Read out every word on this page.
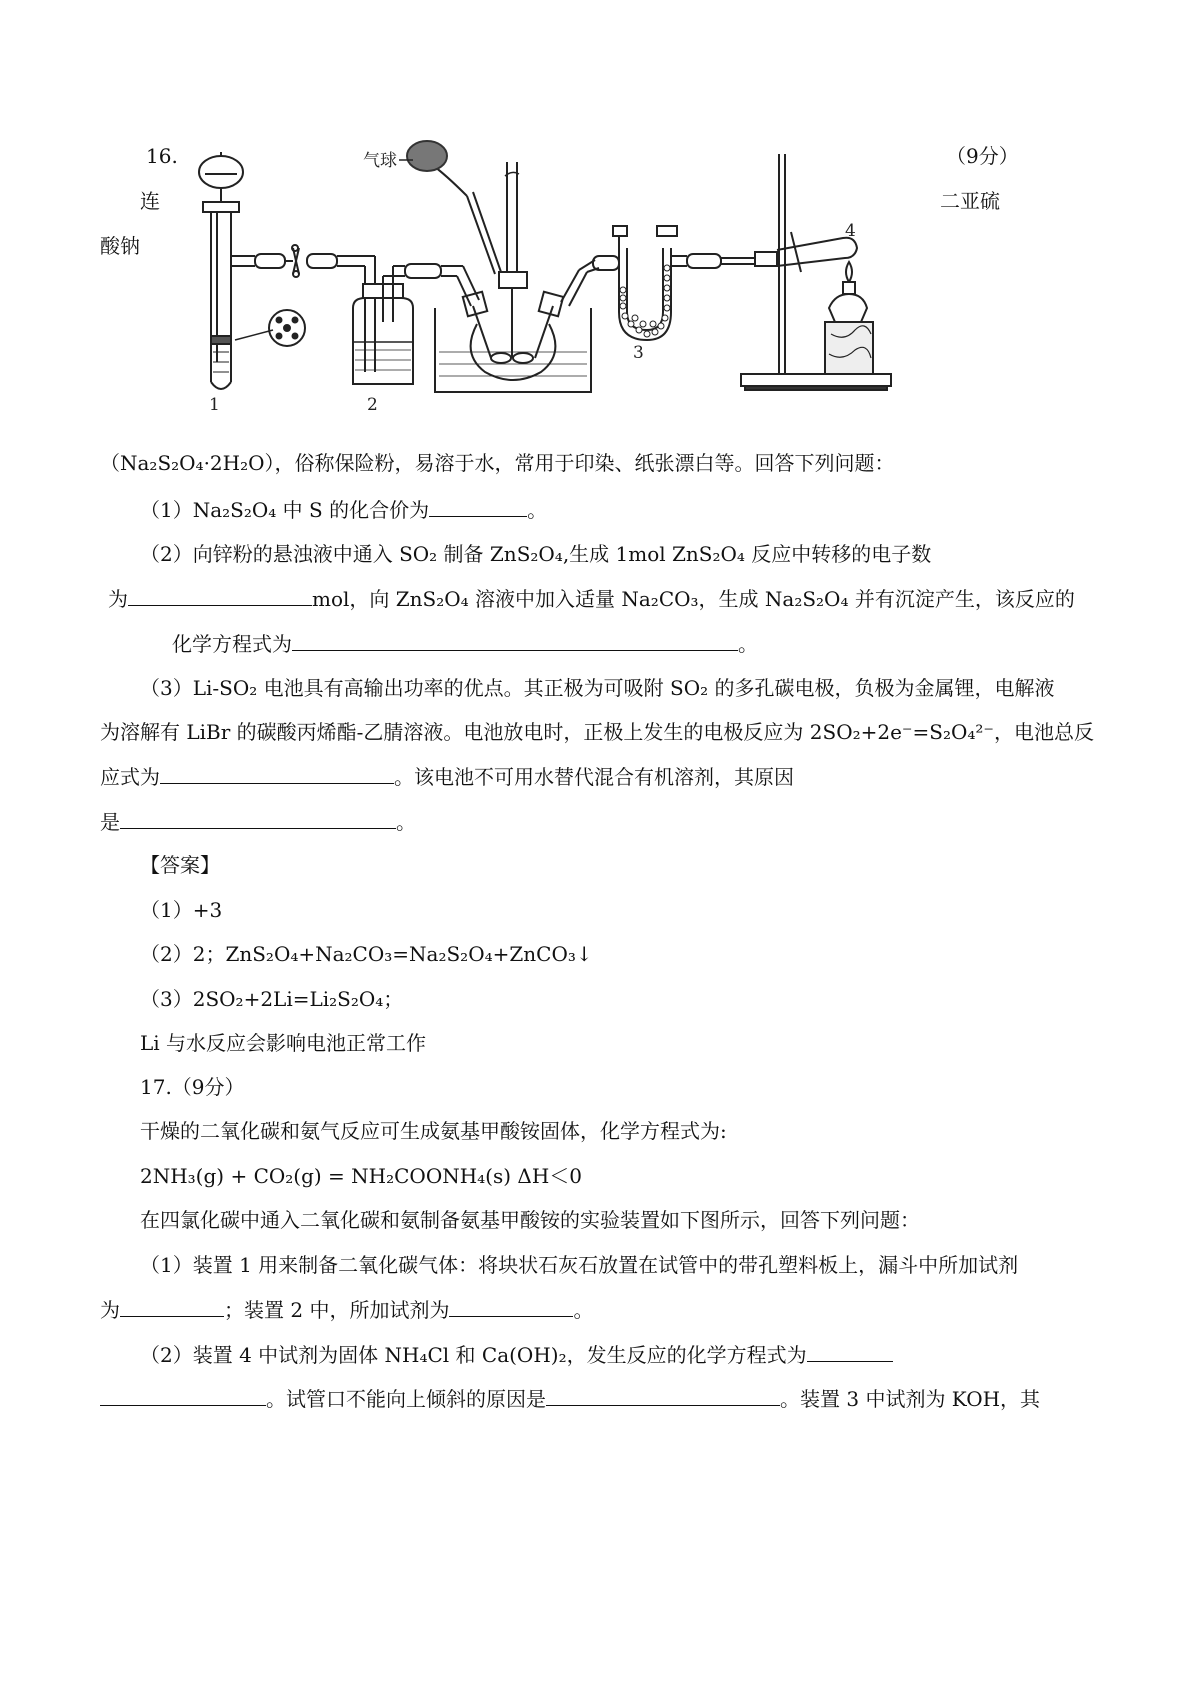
16.	（9分）
连	二亚硫
酸钠
1	2
3
4
气球
（Na₂S₂O₄·2H₂O），俗称保险粉，易溶于水，常用于印染、纸张漂白等。回答下列问题：
（1）Na₂S₂O₄ 中 S 的化合价为	。
（2）向锌粉的悬浊液中通入 SO₂ 制备 ZnS₂O₄,生成 1mol ZnS₂O₄ 反应中转移的电子数
为	mol，向 ZnS₂O₄ 溶液中加入适量 Na₂CO₃，生成 Na₂S₂O₄ 并有沉淀产生，该反应的
化学方程式为	。
（3）Li-SO₂ 电池具有高输出功率的优点。其正极为可吸附 SO₂ 的多孔碳电极，负极为金属锂，电解液
为溶解有 LiBr 的碳酸丙烯酯-乙腈溶液。电池放电时，正极上发生的电极反应为 2SO₂+2e⁻=S₂O₄²⁻，电池总反
应式为	。该电池不可用水替代混合有机溶剂，其原因
是	。
【答案】
（1）+3
（2）2；ZnS₂O₄+Na₂CO₃=Na₂S₂O₄+ZnCO₃↓
（3）2SO₂+2Li=Li₂S₂O₄；
Li 与水反应会影响电池正常工作
17.（9分）
干燥的二氧化碳和氨气反应可生成氨基甲酸铵固体，化学方程式为:
2NH₃(g) + CO₂(g) = NH₂COONH₄(s) ΔH＜0
在四氯化碳中通入二氧化碳和氨制备氨基甲酸铵的实验装置如下图所示，回答下列问题：
（1）装置 1 用来制备二氧化碳气体：将块状石灰石放置在试管中的带孔塑料板上，漏斗中所加试剂
为	；装置 2 中，所加试剂为	。
（2）装置 4 中试剂为固体 NH₄Cl 和 Ca(OH)₂，发生反应的化学方程式为
。试管口不能向上倾斜的原因是	。装置 3 中试剂为 KOH，其
